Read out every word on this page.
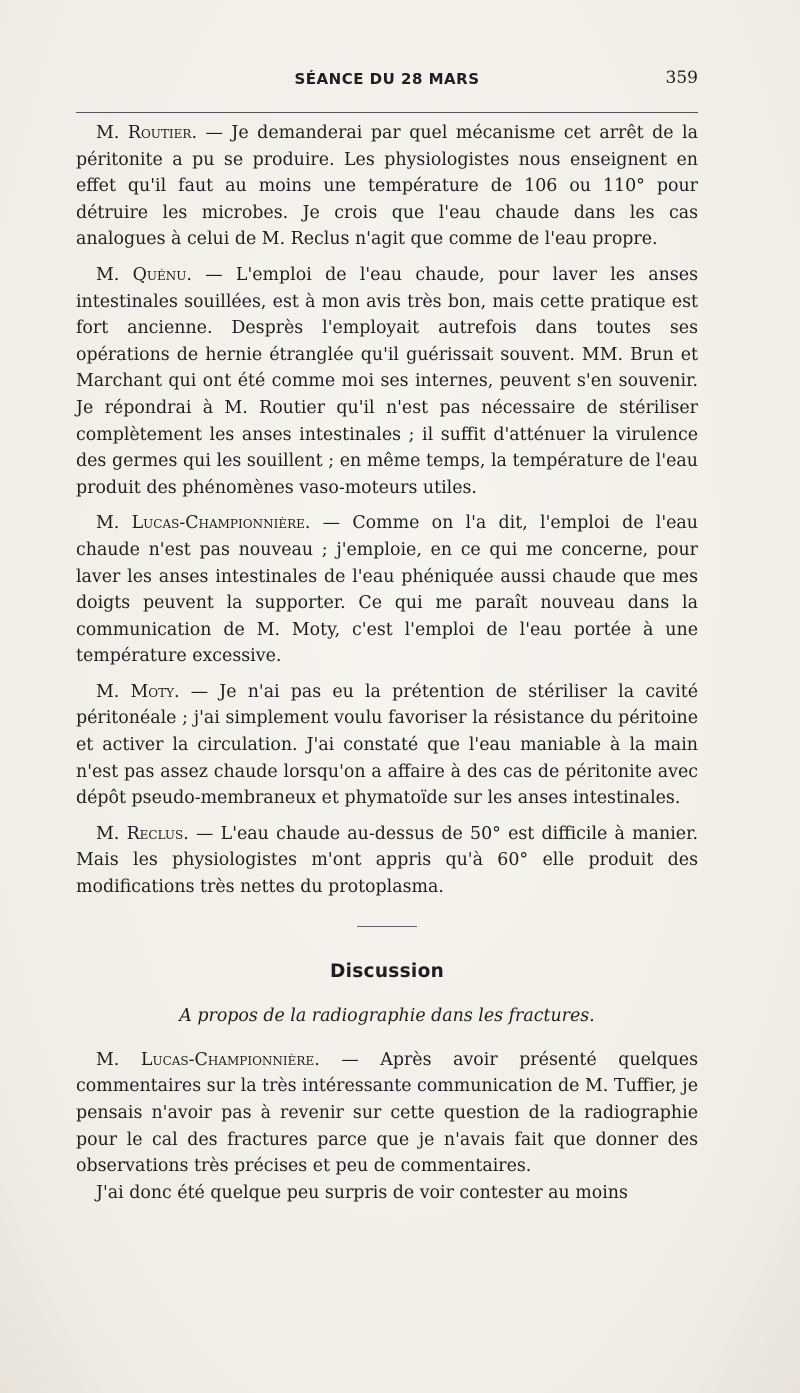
SÉANCE DU 28 MARS	359

M. Routier. — Je demanderai par quel mécanisme cet arrêt de la péritonite a pu se produire. Les physiologistes nous enseignent en effet qu'il faut au moins une température de 106 ou 110° pour détruire les microbes. Je crois que l'eau chaude dans les cas analogues à celui de M. Reclus n'agit que comme de l'eau propre.

M. Quénu. — L'emploi de l'eau chaude, pour laver les anses intestinales souillées, est à mon avis très bon, mais cette pratique est fort ancienne. Desprès l'employait autrefois dans toutes ses opérations de hernie étranglée qu'il guérissait souvent. MM. Brun et Marchant qui ont été comme moi ses internes, peuvent s'en souvenir. Je répondrai à M. Routier qu'il n'est pas nécessaire de stériliser complètement les anses intestinales ; il suffit d'atténuer la virulence des germes qui les souillent ; en même temps, la température de l'eau produit des phénomènes vaso-moteurs utiles.

M. Lucas-Championnière. — Comme on l'a dit, l'emploi de l'eau chaude n'est pas nouveau ; j'emploie, en ce qui me concerne, pour laver les anses intestinales de l'eau phéniquée aussi chaude que mes doigts peuvent la supporter. Ce qui me paraît nouveau dans la communication de M. Moty, c'est l'emploi de l'eau portée à une température excessive.

M. Moty. — Je n'ai pas eu la prétention de stériliser la cavité péritonéale ; j'ai simplement voulu favoriser la résistance du péritoine et activer la circulation. J'ai constaté que l'eau maniable à la main n'est pas assez chaude lorsqu'on a affaire à des cas de péritonite avec dépôt pseudo-membraneux et phymatoïde sur les anses intestinales.

M. Reclus. — L'eau chaude au-dessus de 50° est difficile à manier. Mais les physiologistes m'ont appris qu'à 60° elle produit des modifications très nettes du protoplasma.

Discussion
A propos de la radiographie dans les fractures.

M. Lucas-Championnière. — Après avoir présenté quelques commentaires sur la très intéressante communication de M. Tuffier, je pensais n'avoir pas à revenir sur cette question de la radiographie pour le cal des fractures parce que je n'avais fait que donner des observations très précises et peu de commentaires.

J'ai donc été quelque peu surpris de voir contester au moins
